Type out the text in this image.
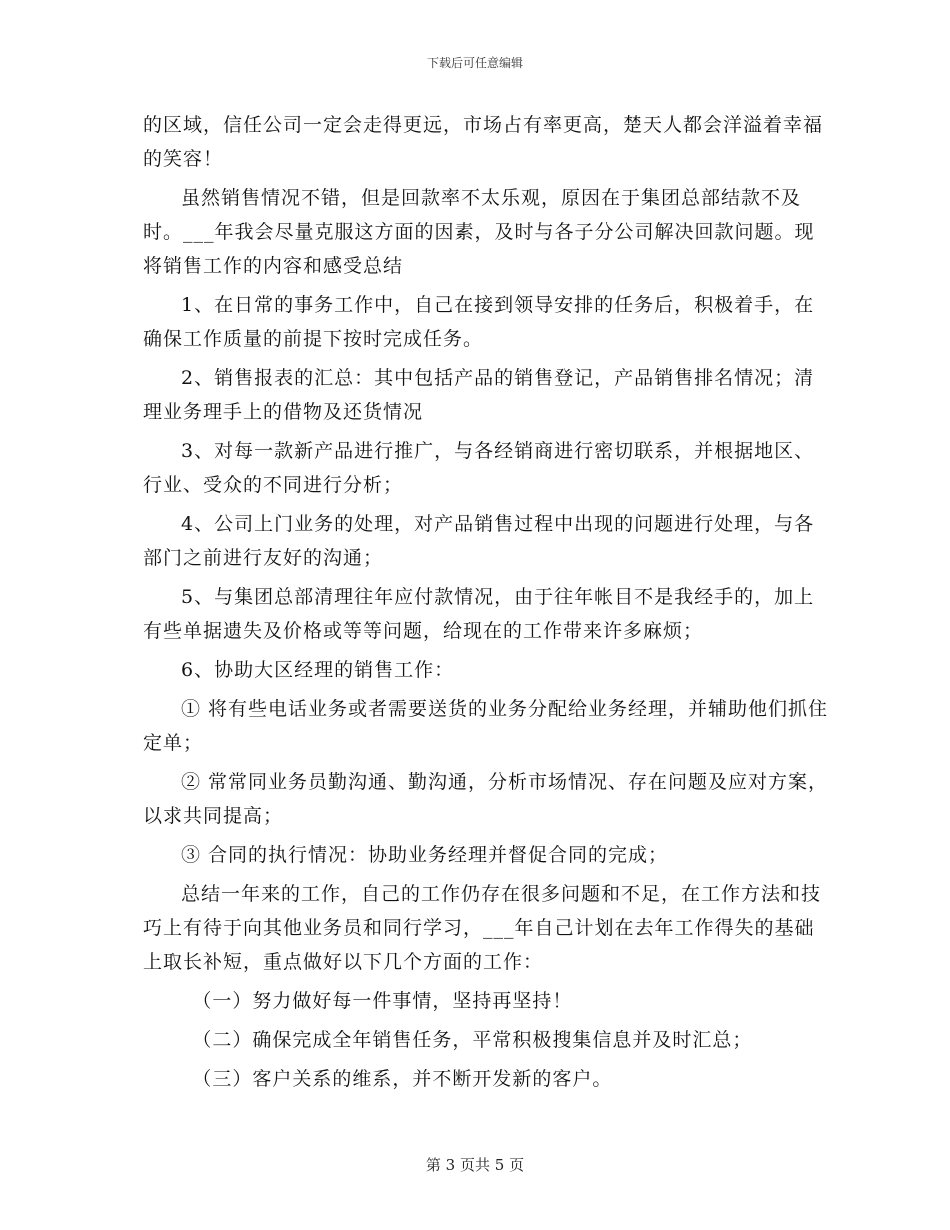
下载后可任意编辑

的区域，信任公司一定会走得更远，市场占有率更高，楚天人都会洋溢着幸福的笑容！

虽然销售情况不错，但是回款率不太乐观，原因在于集团总部结款不及时。___年我会尽量克服这方面的因素，及时与各子分公司解决回款问题。现将销售工作的内容和感受总结

1、在日常的事务工作中，自己在接到领导安排的任务后，积极着手，在确保工作质量的前提下按时完成任务。

2、销售报表的汇总：其中包括产品的销售登记，产品销售排名情况；清理业务理手上的借物及还货情况

3、对每一款新产品进行推广，与各经销商进行密切联系，并根据地区、行业、受众的不同进行分析；

4、公司上门业务的处理，对产品销售过程中出现的问题进行处理，与各部门之前进行友好的沟通；

5、与集团总部清理往年应付款情况，由于往年帐目不是我经手的，加上有些单据遗失及价格或等等问题，给现在的工作带来许多麻烦；

6、协助大区经理的销售工作：

① 将有些电话业务或者需要送货的业务分配给业务经理，并辅助他们抓住定单；

② 常常同业务员勤沟通、勤沟通，分析市场情况、存在问题及应对方案，以求共同提高；

③ 合同的执行情况：协助业务经理并督促合同的完成；

总结一年来的工作，自己的工作仍存在很多问题和不足，在工作方法和技巧上有待于向其他业务员和同行学习，___年自己计划在去年工作得失的基础上取长补短，重点做好以下几个方面的工作：

（一）努力做好每一件事情，坚持再坚持！

（二）确保完成全年销售任务，平常积极搜集信息并及时汇总；

（三）客户关系的维系，并不断开发新的客户。

第 3 页共 5 页
